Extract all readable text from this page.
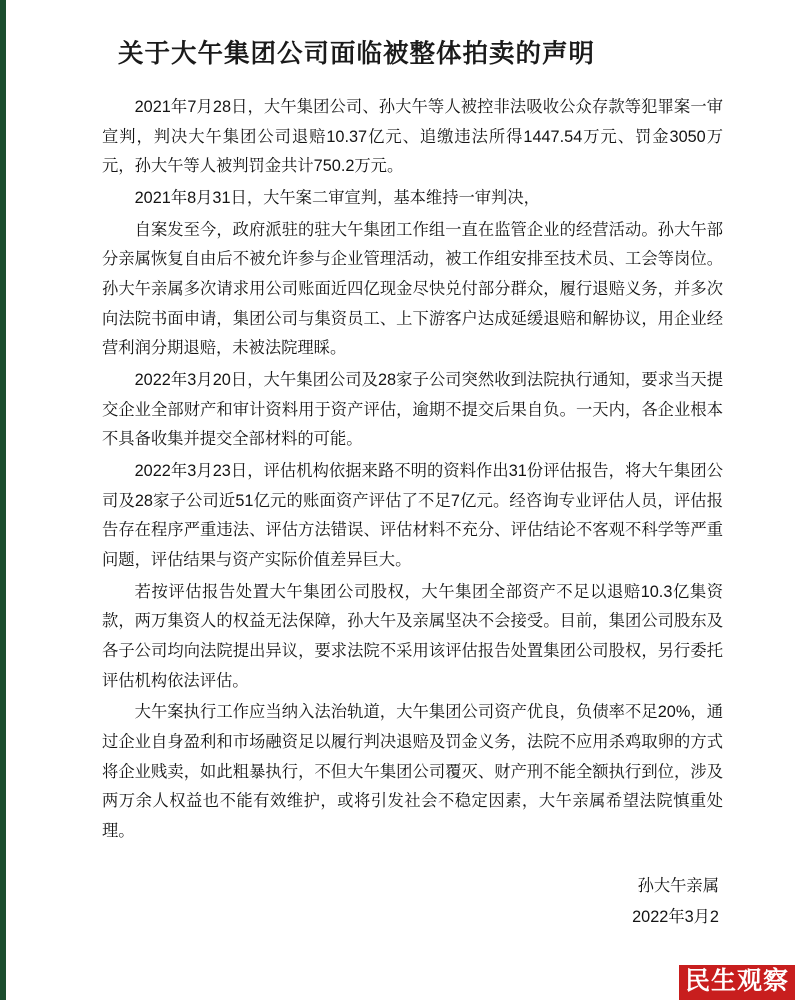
关于大午集团公司面临被整体拍卖的声明

2021年7月28日，大午集团公司、孙大午等人被控非法吸收公众存款等犯罪案一审宣判，判决大午集团公司退赔10.37亿元、追缴违法所得1447.54万元、罚金3050万元，孙大午等人被判罚金共计750.2万元。

2021年8月31日，大午案二审宣判，基本维持一审判决，

自案发至今，政府派驻的驻大午集团工作组一直在监管企业的经营活动。孙大午部分亲属恢复自由后不被允许参与企业管理活动，被工作组安排至技术员、工会等岗位。孙大午亲属多次请求用公司账面近四亿现金尽快兑付部分群众，履行退赔义务，并多次向法院书面申请，集团公司与集资员工、上下游客户达成延缓退赔和解协议，用企业经营利润分期退赔，未被法院理睬。

2022年3月20日，大午集团公司及28家子公司突然收到法院执行通知，要求当天提交企业全部财产和审计资料用于资产评估，逾期不提交后果自负。一天内，各企业根本不具备收集并提交全部材料的可能。

2022年3月23日，评估机构依据来路不明的资料作出31份评估报告，将大午集团公司及28家子公司近51亿元的账面资产评估了不足7亿元。经咨询专业评估人员，评估报告存在程序严重违法、评估方法错误、评估材料不充分、评估结论不客观不科学等严重问题，评估结果与资产实际价值差异巨大。

若按评估报告处置大午集团公司股权，大午集团全部资产不足以退赔10.3亿集资款，两万集资人的权益无法保障，孙大午及亲属坚决不会接受。目前，集团公司股东及各子公司均向法院提出异议，要求法院不采用该评估报告处置集团公司股权，另行委托评估机构依法评估。

大午案执行工作应当纳入法治轨道，大午集团公司资产优良，负债率不足20%，通过企业自身盈利和市场融资足以履行判决退赔及罚金义务，法院不应用杀鸡取卵的方式将企业贱卖，如此粗暴执行，不但大午集团公司覆灭、财产刑不能全额执行到位，涉及两万余人权益也不能有效维护，或将引发社会不稳定因素，大午亲属希望法院慎重处理。

孙大午亲属
2022年3月2
民生观察
